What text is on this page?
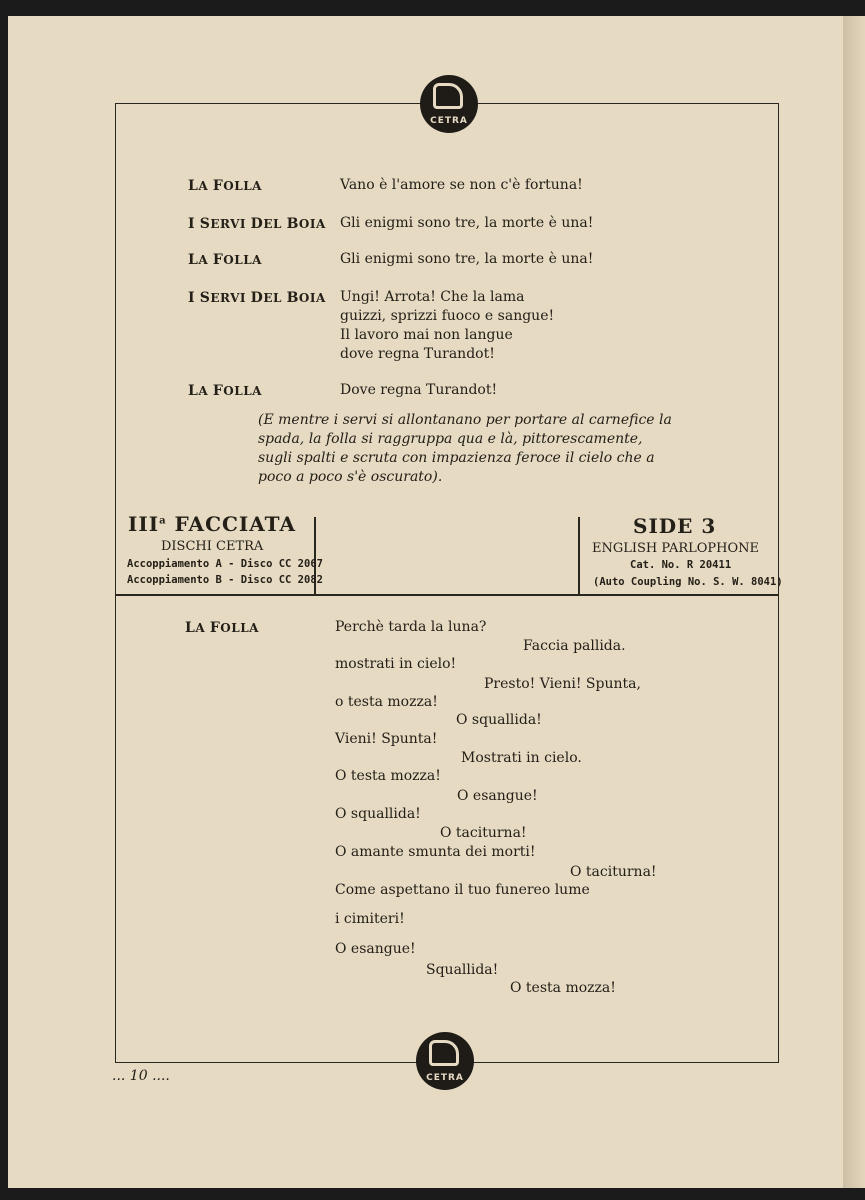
CETRA
LA FOLLA
I SERVI DEL BOIA
LA FOLLA
I SERVI DEL BOIA
LA FOLLA
Vano è l'amore se non c'è fortuna!
Gli enigmi sono tre, la morte è una!
Gli enigmi sono tre, la morte è una!
Ungi! Arrota! Che la lama
guizzi, sprizzi fuoco e sangue!
Il lavoro mai non langue
dove regna Turandot!
Dove regna Turandot!
(E mentre i servi si allontanano per portare al carnefice la spada, la folla si raggruppa qua e là, pittorescamente, sugli spalti e scruta con impazienza feroce il cielo che a poco a poco s'è oscurato).
III$^a$ FACCIATA
DISCHI CETRA
Accoppiamento A - Disco CC 2067
Accoppiamento B - Disco CC 2082
SIDE 3
ENGLISH PARLOPHONE
Cat. No. R 20411
(Auto Coupling No. S. W. 8041)
LA FOLLA	Perchè tarda la luna?
Faccia pallida.
mostrati in cielo!
Presto! Vieni! Spunta,
o testa mozza!
O squallida!
Vieni! Spunta!
Mostrati in cielo.
O testa mozza!
O esangue!
O squallida!
O taciturna!
O amante smunta dei morti!
O taciturna!
Come aspettano il tuo funereo lume
i cimiteri!
O esangue!
Squallida!
O testa mozza!
CETRA
... 10 ....
